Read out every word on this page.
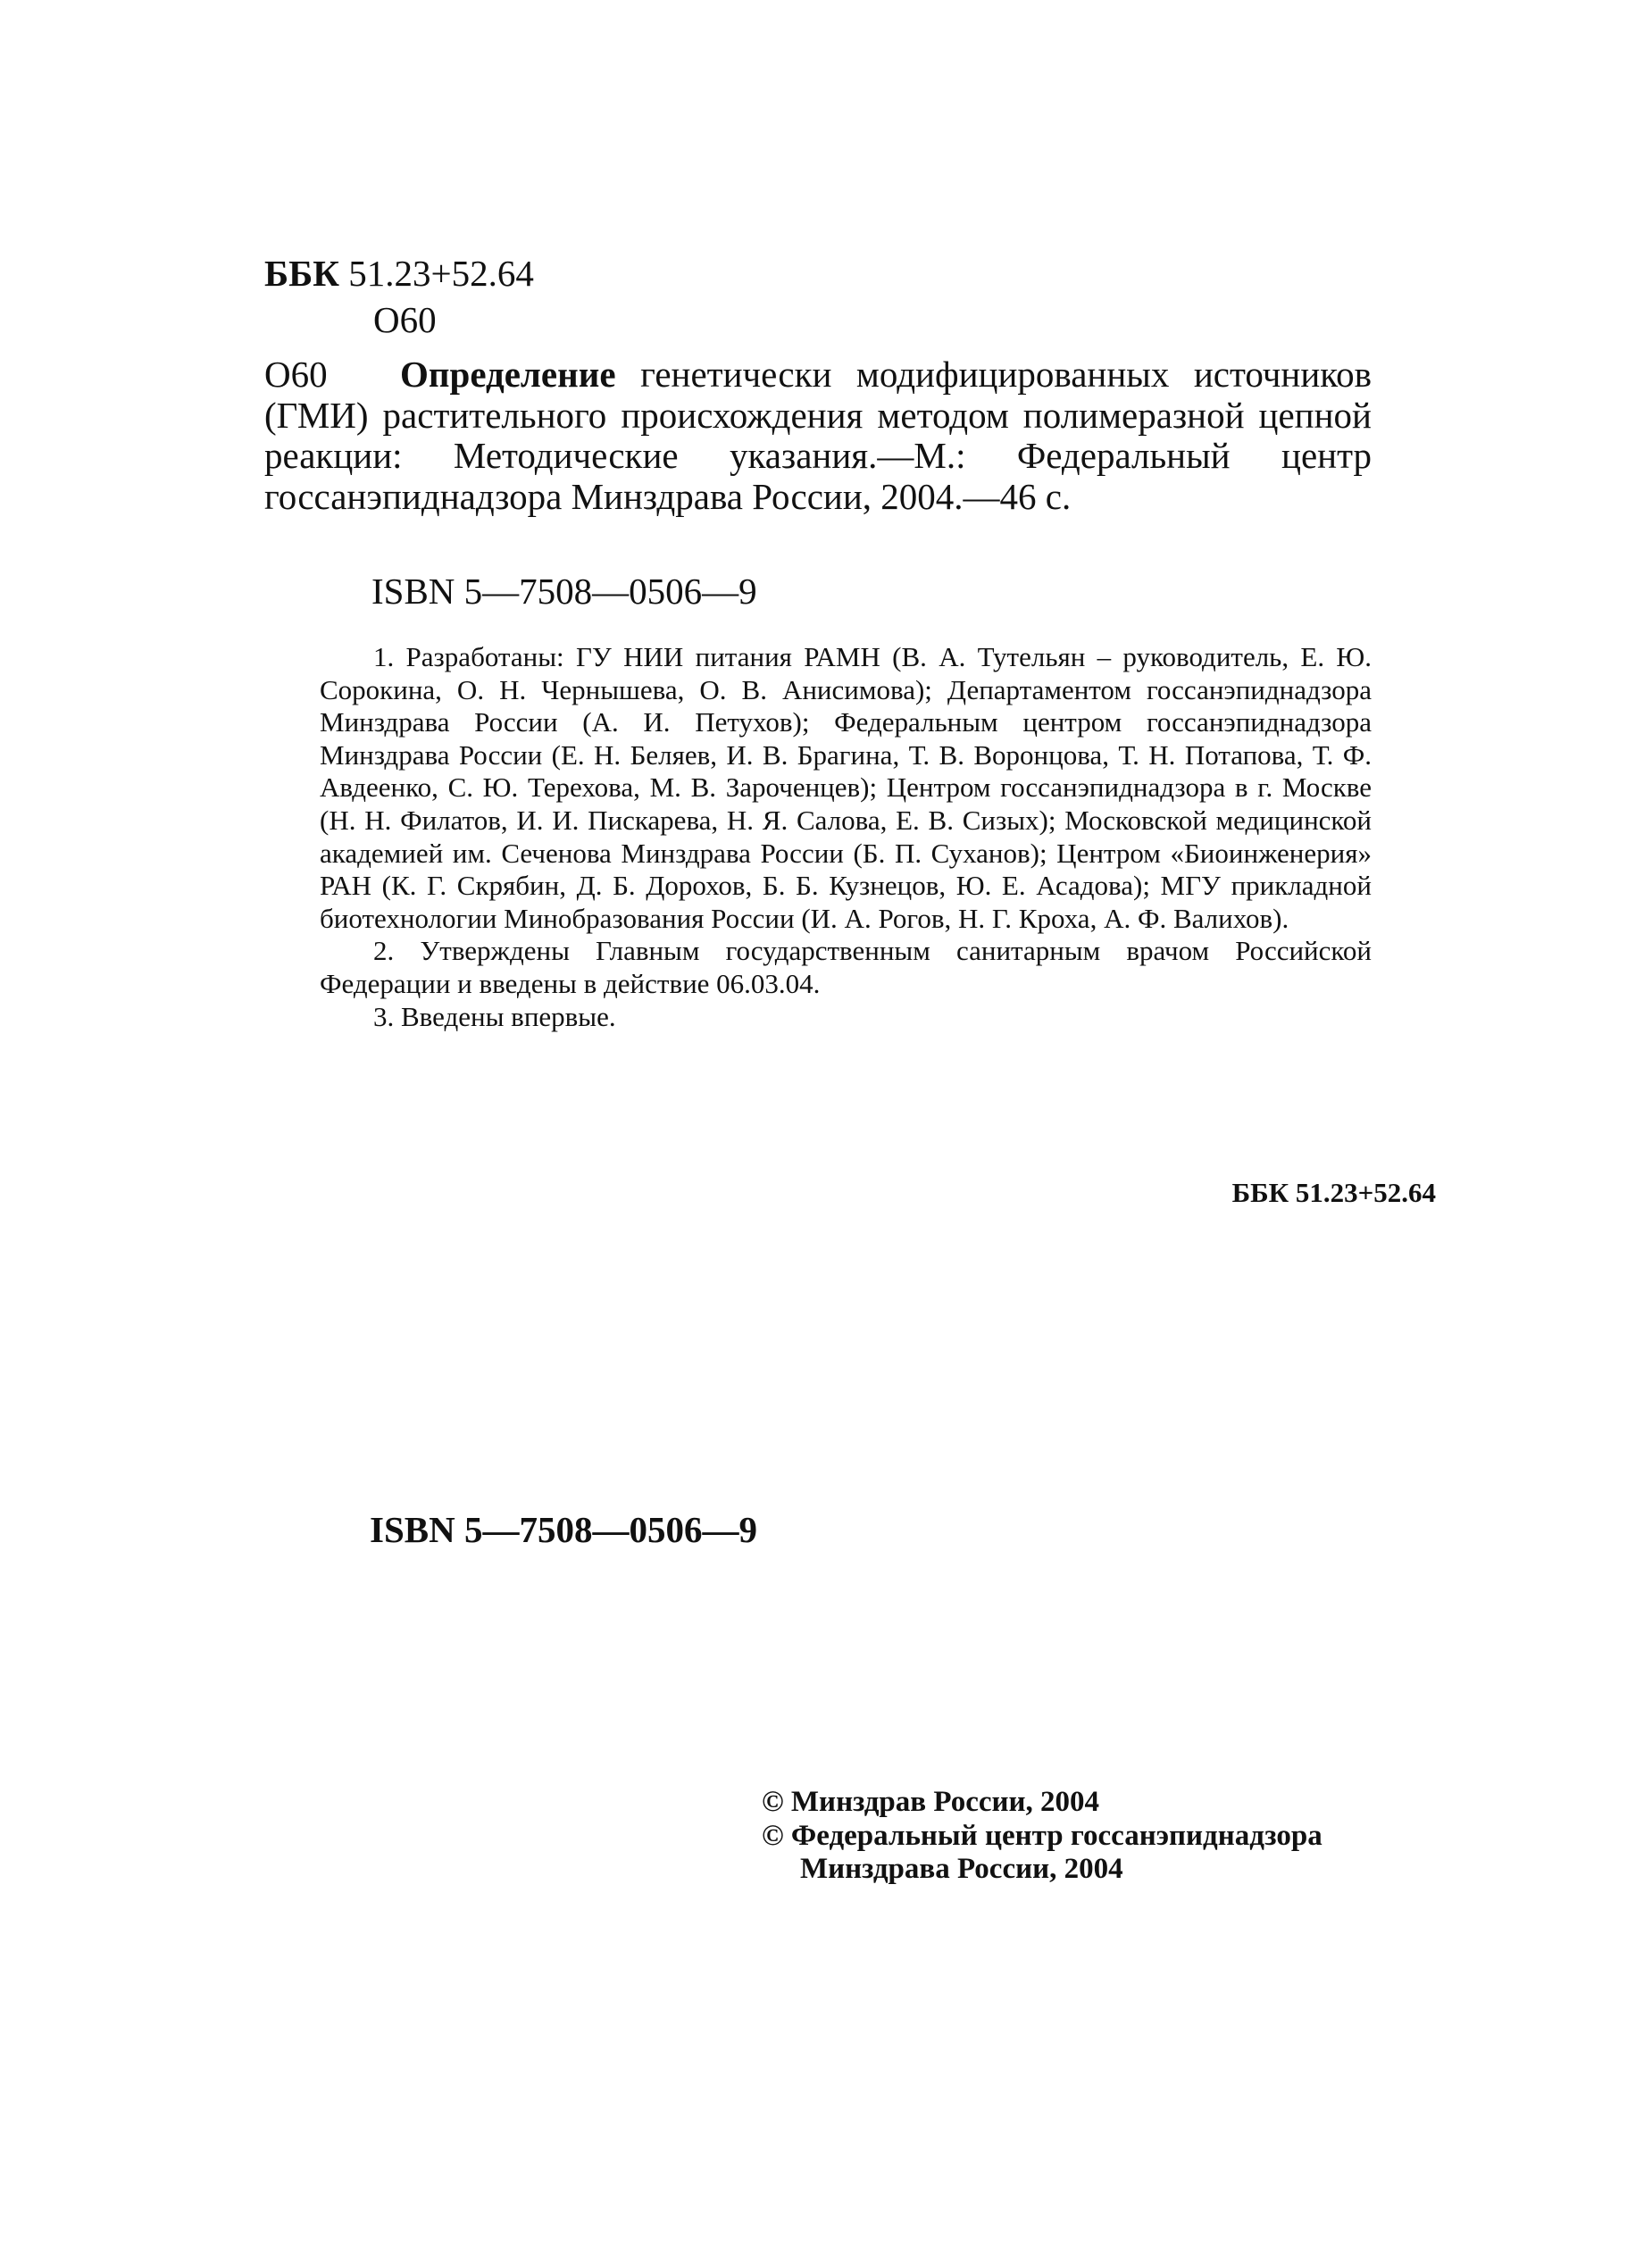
ББК 51.23+52.64
О60
О60 Определение генетически модифицированных источников (ГМИ) растительного происхождения методом полимеразной цепной реакции: Методические указания.—М.: Федеральный центр госсанэпиднадзора Минздрава России, 2004.—46 с.
ISBN 5—7508—0506—9

1. Разработаны: ГУ НИИ питания РАМН (В. А. Тутельян – руководитель, Е. Ю. Сорокина, О. Н. Чернышева, О. В. Анисимова); Департаментом госсанэпиднадзора Минздрава России (А. И. Петухов); Федеральным центром госсанэпиднадзора Минздрава России (Е. Н. Беляев, И. В. Брагина, Т. В. Воронцова, Т. Н. Потапова, Т. Ф. Авдеенко, С. Ю. Терехова, М. В. Зароченцев); Центром госсанэпиднадзора в г. Москве (Н. Н. Филатов, И. И. Пискарева, Н. Я. Салова, Е. В. Сизых); Московской медицинской академией им. Сеченова Минздрава России (Б. П. Суханов); Центром «Биоинженерия» РАН (К. Г. Скрябин, Д. Б. Дорохов, Б. Б. Кузнецов, Ю. Е. Асадова); МГУ прикладной биотехнологии Минобразования России (И. А. Рогов, Н. Г. Кроха, А. Ф. Валихов).

2. Утверждены Главным государственным санитарным врачом Российской Федерации и введены в действие 06.03.04.

3. Введены впервые.

ББК 51.23+52.64
ISBN 5—7508—0506—9

© Минздрав России, 2004

© Федеральный центр госсанэпиднадзора

Минздрава России, 2004
